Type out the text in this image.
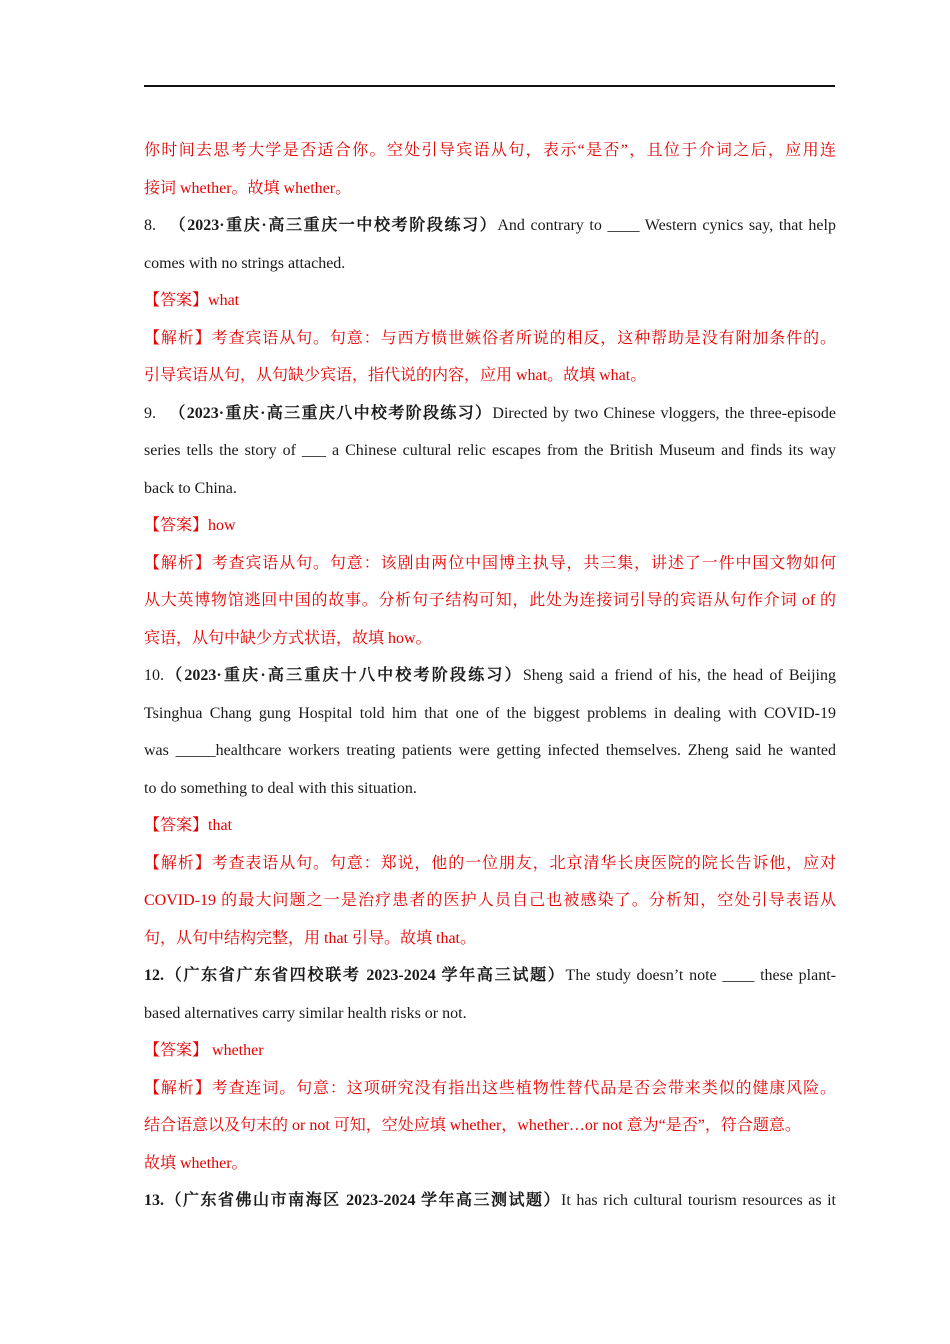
你时间去思考大学是否适合你。空处引导宾语从句，表示“是否”，且位于介词之后，应用连
接词 whether。故填 whether。
8. （2023·重庆·高三重庆一中校考阶段练习）And contrary to ____ Western cynics say, that help
comes with no strings attached.
【答案】what
【解析】考查宾语从句。句意：与西方愤世嫉俗者所说的相反，这种帮助是没有附加条件的。
引导宾语从句，从句缺少宾语，指代说的内容，应用 what。故填 what。
9. （2023·重庆·高三重庆八中校考阶段练习）Directed by two Chinese vloggers, the three-episode
series tells the story of ___ a Chinese cultural relic escapes from the British Museum and finds its way
back to China.
【答案】how
【解析】考查宾语从句。句意：该剧由两位中国博主执导，共三集，讲述了一件中国文物如何
从大英博物馆逃回中国的故事。分析句子结构可知，此处为连接词引导的宾语从句作介词 of 的
宾语，从句中缺少方式状语，故填 how。
10.（2023·重庆·高三重庆十八中校考阶段练习）Sheng said a friend of his, the head of Beijing
Tsinghua Chang gung Hospital told him that one of the biggest problems in dealing with COVID-19
was _____healthcare workers treating patients were getting infected themselves. Zheng said he wanted
to do something to deal with this situation.
【答案】that
【解析】考查表语从句。句意：郑说，他的一位朋友，北京清华长庚医院的院长告诉他，应对
COVID-19 的最大问题之一是治疗患者的医护人员自己也被感染了。分析知，空处引导表语从
句，从句中结构完整，用 that 引导。故填 that。
12.（广东省广东省四校联考 2023-2024 学年高三试题）The study doesn’t note ____ these plant-
based alternatives carry similar health risks or not.
【答案】 whether
【解析】考查连词。句意：这项研究没有指出这些植物性替代品是否会带来类似的健康风险。
结合语意以及句末的 or not 可知，空处应填 whether，whether…or not 意为“是否”，符合题意。
故填 whether。
13.（广东省佛山市南海区 2023-2024 学年高三测试题）It has rich cultural tourism resources as it
